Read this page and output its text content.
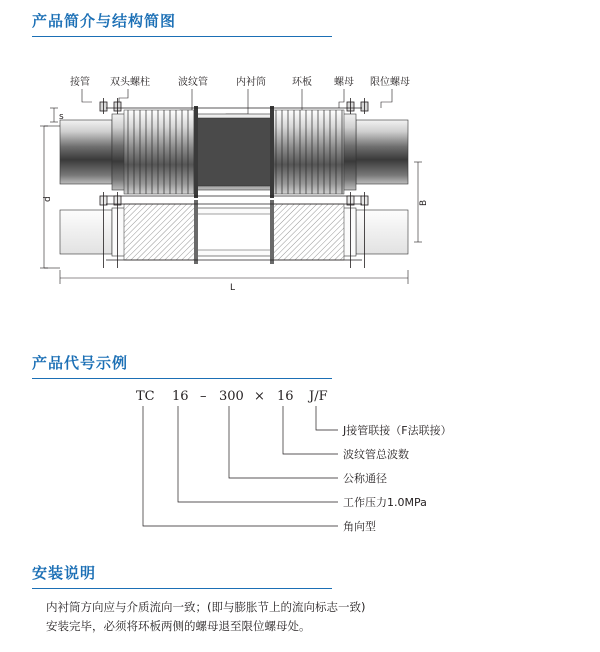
产品简介与结构简图
接管 双头螺柱	波纹管	内衬筒	环板 螺母 限位螺母
s
d
B
L
产品代号示例
TC 16 – 300 × 16 J/F
J接管联接（F法联接）
波纹管总波数
公称通径
工作压力1.0MPa
角向型
安装说明
内衬筒方向应与介质流向一致；(即与膨胀节上的流向标志一致)
安装完毕，必须将环板两侧的螺母退至限位螺母处。
